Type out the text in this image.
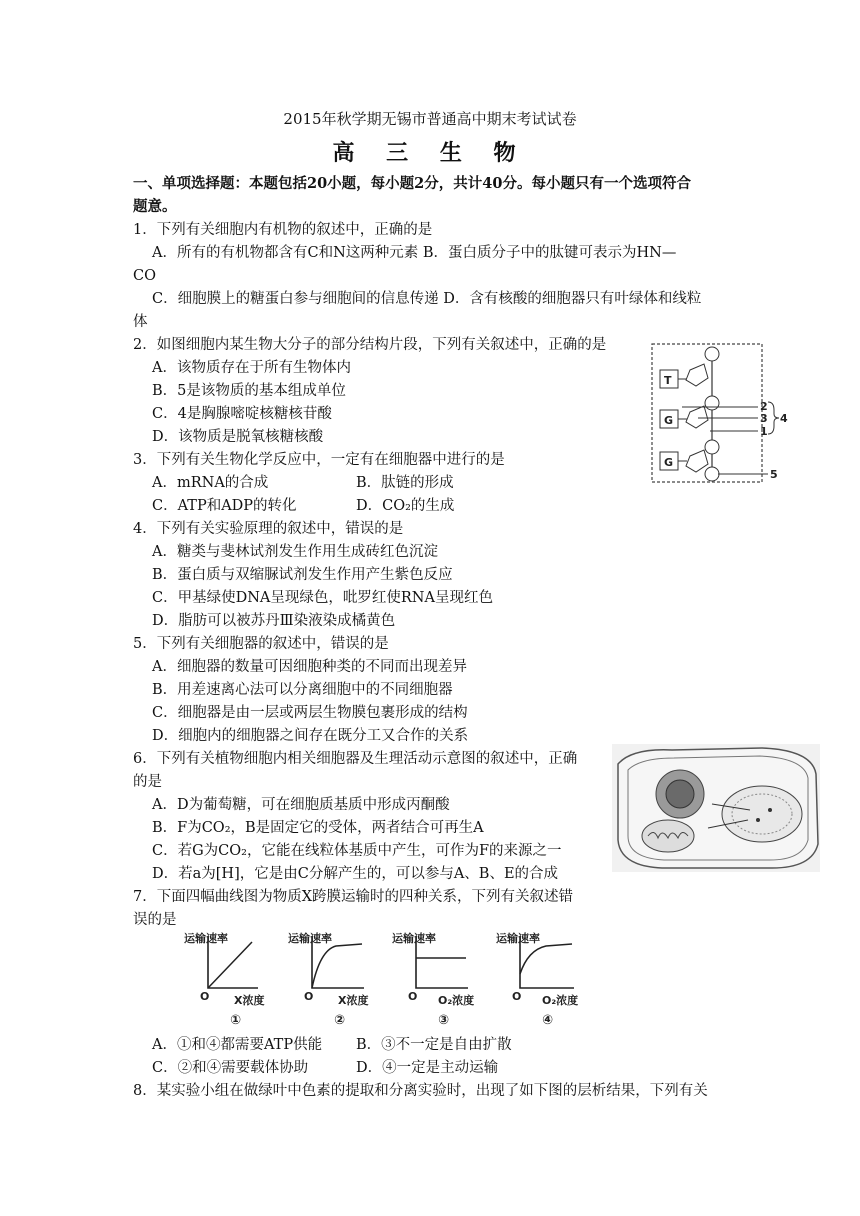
2015年秋学期无锡市普通高中期末考试试卷
高 三 生 物
一、单项选择题：本题包括20小题，每小题2分，共计40分。每小题只有一个选项符合
题意。
1．下列有关细胞内有机物的叙述中，正确的是
A．所有的有机物都含有C和N这两种元素 B．蛋白质分子中的肽键可表示为HN—
CO
C．细胞膜上的糖蛋白参与细胞间的信息传递 D．含有核酸的细胞器只有叶绿体和线粒
体
2．如图细胞内某生物大分子的部分结构片段，下列有关叙述中，正确的是
A．该物质存在于所有生物体内
B．5是该物质的基本组成单位
C．4是胸腺嘧啶核糖核苷酸
D．该物质是脱氧核糖核酸
T
G
G
2
3
1
4
5
3．下列有关生物化学反应中，一定有在细胞器中进行的是
A．mRNA的合成	B．肽链的形成
C．ATP和ADP的转化	D．CO₂的生成
4．下列有关实验原理的叙述中，错误的是
A．糖类与斐林试剂发生作用生成砖红色沉淀
B．蛋白质与双缩脲试剂发生作用产生紫色反应
C．甲基绿使DNA呈现绿色，吡罗红使RNA呈现红色
D．脂肪可以被苏丹Ⅲ染液染成橘黄色
5．下列有关细胞器的叙述中，错误的是
A．细胞器的数量可因细胞种类的不同而出现差异
B．用差速离心法可以分离细胞中的不同细胞器
C．细胞器是由一层或两层生物膜包裹形成的结构
D．细胞内的细胞器之间存在既分工又合作的关系
6．下列有关植物细胞内相关细胞器及生理活动示意图的叙述中，正确
的是
A．D为葡萄糖，可在细胞质基质中形成丙酮酸
B．F为CO₂，B是固定它的受体，两者结合可再生A
C．若G为CO₂，它能在线粒体基质中产生，可作为F的来源之一
D．若a为[H]，它是由C分解产生的，可以参与A、B、E的合成
7．下面四幅曲线图为物质X跨膜运输时的四种关系，下列有关叙述错
误的是
运输速率
O X浓度
①
运输速率
O X浓度
②
运输速率
O O₂浓度
③
运输速率
O O₂浓度
④
A．①和④都需要ATP供能 B．③不一定是自由扩散
C．②和④需要载体协助	D．④一定是主动运输
8．某实验小组在做绿叶中色素的提取和分离实验时，出现了如下图的层析结果，下列有关
